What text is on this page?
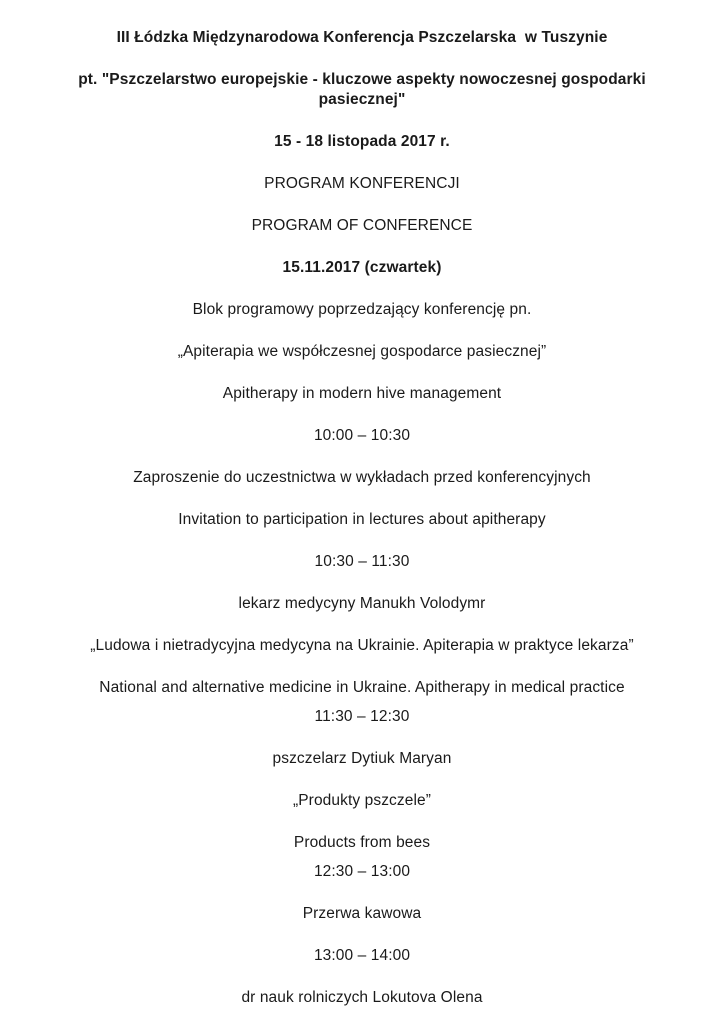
III Łódzka Międzynarodowa Konferencja Pszczelarska  w Tuszynie

pt. "Pszczelarstwo europejskie - kluczowe aspekty nowoczesnej gospodarki pasiecznej"

15 - 18 listopada 2017 r.

PROGRAM KONFERENCJI

PROGRAM OF CONFERENCE

15.11.2017 (czwartek)

Blok programowy poprzedzający konferencję pn.

„Apiterapia we współczesnej gospodarce pasiecznej”

Apitherapy in modern hive management

10:00 – 10:30

Zaproszenie do uczestnictwa w wykładach przed konferencyjnych

Invitation to participation in lectures about apitherapy

10:30 – 11:30

lekarz medycyny Manukh Volodymr

„Ludowa i nietradycyjna medycyna na Ukrainie. Apiterapia w praktyce lekarza”

National and alternative medicine in Ukraine. Apitherapy in medical practice

11:30 – 12:30

pszczelarz Dytiuk Maryan

„Produkty pszczele”

Products from bees

12:30 – 13:00

Przerwa kawowa

13:00 – 14:00

dr nauk rolniczych Lokutova Olena
